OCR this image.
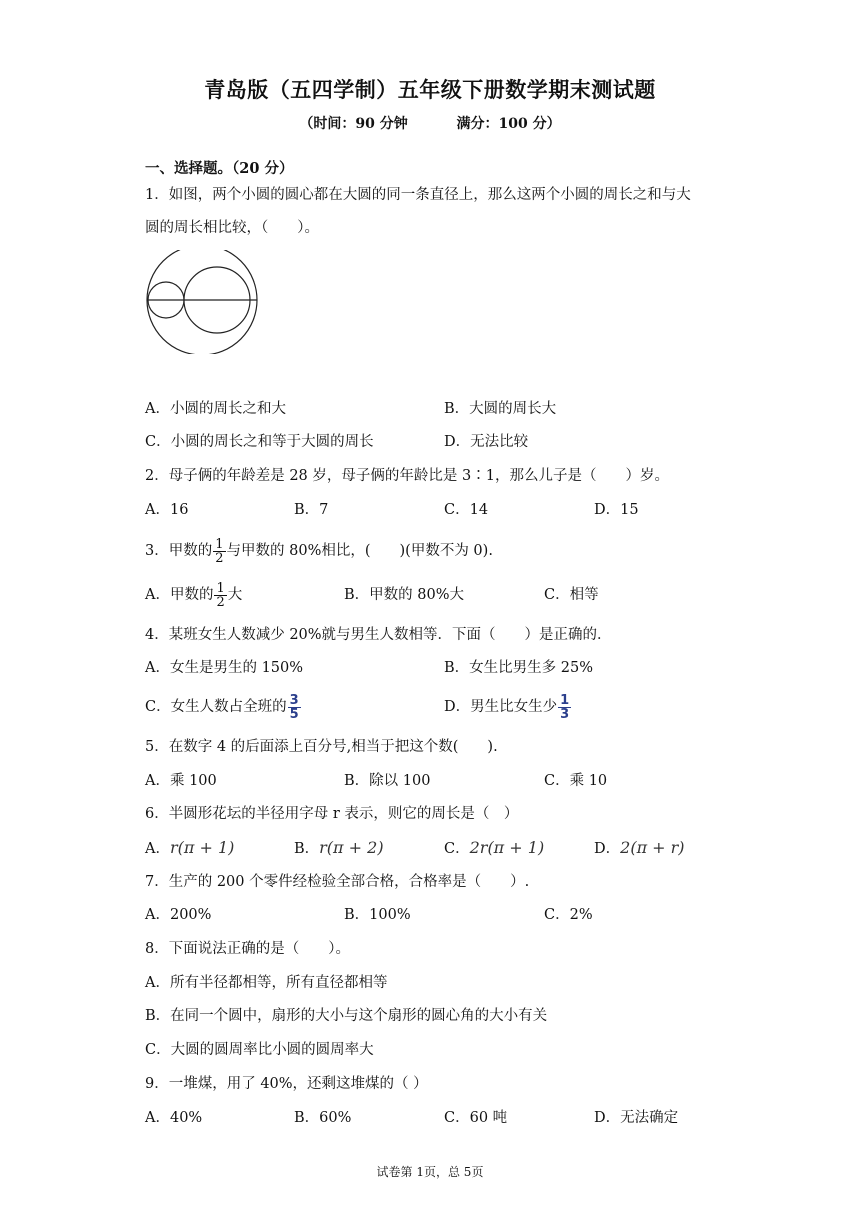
青岛版（五四学制）五年级下册数学期末测试题
（时间：90 分钟          满分：100 分）
一、选择题。（20 分）
1．如图，两个小圆的圆心都在大圆的同一条直径上，那么这两个小圆的周长之和与大
圆的周长相比较，（　　）。
A．小圆的周长之和大	B．大圆的周长大
C．小圆的周长之和等于大圆的周长	D．无法比较
2．母子俩的年龄差是 28 岁，母子俩的年龄比是 3∶1，那么儿子是（　　）岁。
A．16	B．7	C．14	D．15
3．甲数的 $\frac{1}{2}$ 与甲数的 80%相比，(　　)(甲数不为 0).
A．甲数的 $\frac{1}{2}$ 大	B．甲数的 80%大	C．相等
4．某班女生人数减少 20%就与男生人数相等．下面（　　）是正确的．
A．女生是男生的 150%	B．女生比男生多 25%
C．女生人数占全班的 $\frac{3}{5}$	D．男生比女生少 $\frac{1}{3}$
5．在数字 4 的后面添上百分号,相当于把这个数(　　).
A．乘 100	B．除以 100	C．乘 10
6．半圆形花坛的半径用字母 r 表示，则它的周长是（　）
A．r(π + 1)	B．r(π + 2)	C．2r(π + 1)	D．2(π + r)
7．生产的 200 个零件经检验全部合格，合格率是（　　）.
A．200%	B．100%	C．2%
8．下面说法正确的是（　　）。
A．所有半径都相等，所有直径都相等
B．在同一个圆中，扇形的大小与这个扇形的圆心角的大小有关
C．大圆的圆周率比小圆的圆周率大
9．一堆煤，用了 40%，还剩这堆煤的（ ）
A．40%	B．60%	C．60 吨	D．无法确定
试卷第 1页，总 5页
